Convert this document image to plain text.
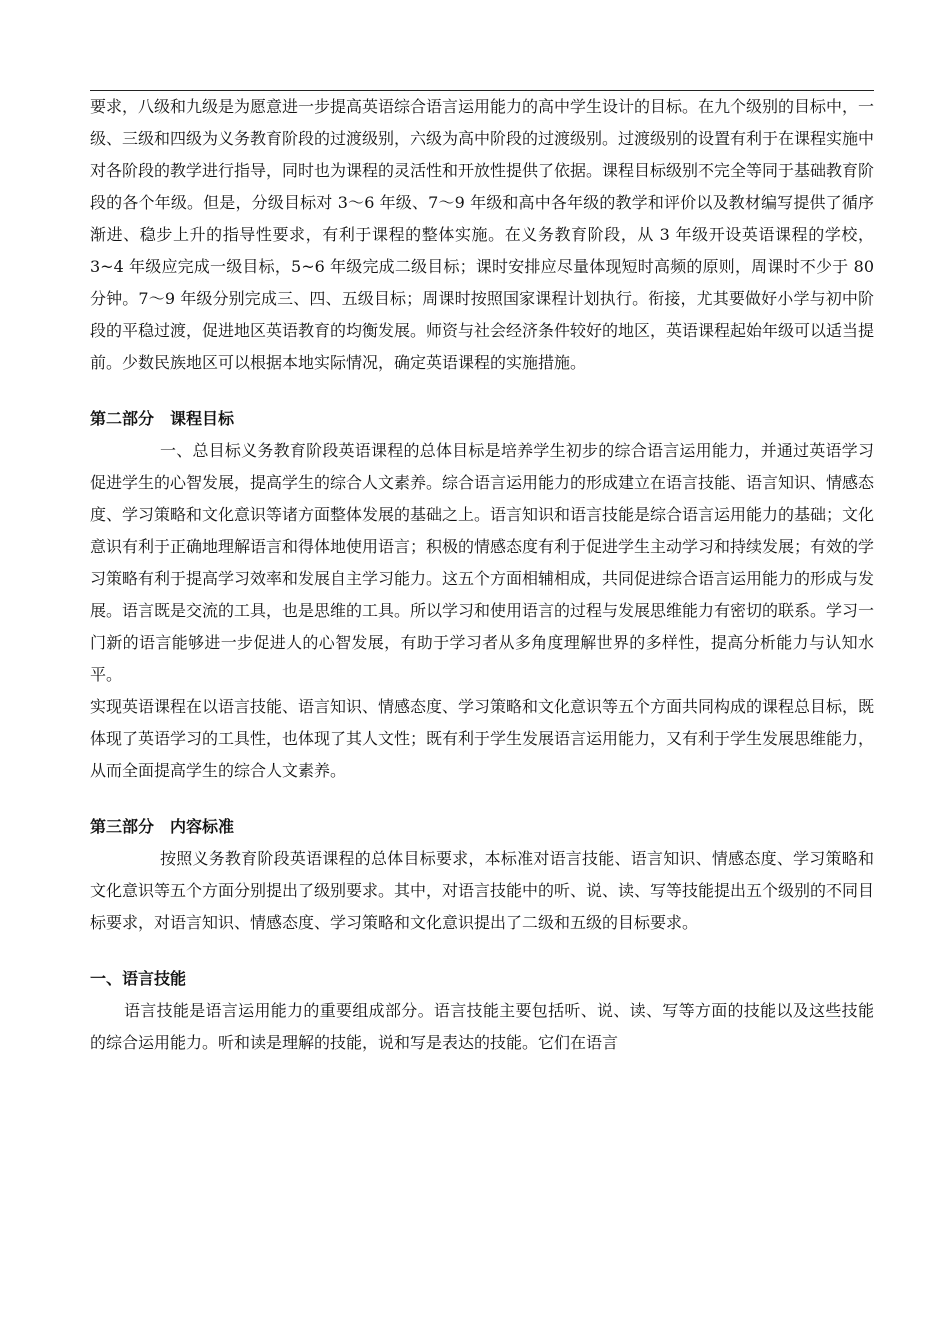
要求，八级和九级是为愿意进一步提高英语综合语言运用能力的高中学生设计的目标。在九个级别的目标中，一级、三级和四级为义务教育阶段的过渡级别，六级为高中阶段的过渡级别。过渡级别的设置有利于在课程实施中对各阶段的教学进行指导，同时也为课程的灵活性和开放性提供了依据。课程目标级别不完全等同于基础教育阶段的各个年级。但是，分级目标对 3～6 年级、7～9 年级和高中各年级的教学和评价以及教材编写提供了循序渐进、稳步上升的指导性要求，有利于课程的整体实施。在义务教育阶段，从 3 年级开设英语课程的学校，3~4 年级应完成一级目标，5~6 年级完成二级目标；课时安排应尽量体现短时高频的原则，周课时不少于 80 分钟。7～9 年级分别完成三、四、五级目标；周课时按照国家课程计划执行。衔接，尤其要做好小学与初中阶段的平稳过渡，促进地区英语教育的均衡发展。师资与社会经济条件较好的地区，英语课程起始年级可以适当提前。少数民族地区可以根据本地实际情况，确定英语课程的实施措施。

第二部分　课程目标

一、总目标义务教育阶段英语课程的总体目标是培养学生初步的综合语言运用能力，并通过英语学习促进学生的心智发展，提高学生的综合人文素养。综合语言运用能力的形成建立在语言技能、语言知识、情感态度、学习策略和文化意识等诸方面整体发展的基础之上。语言知识和语言技能是综合语言运用能力的基础；文化意识有利于正确地理解语言和得体地使用语言；积极的情感态度有利于促进学生主动学习和持续发展；有效的学习策略有利于提高学习效率和发展自主学习能力。这五个方面相辅相成，共同促进综合语言运用能力的形成与发展。语言既是交流的工具，也是思维的工具。所以学习和使用语言的过程与发展思维能力有密切的联系。学习一门新的语言能够进一步促进人的心智发展，有助于学习者从多角度理解世界的多样性，提高分析能力与认知水平。

实现英语课程在以语言技能、语言知识、情感态度、学习策略和文化意识等五个方面共同构成的课程总目标，既体现了英语学习的工具性，也体现了其人文性；既有利于学生发展语言运用能力，又有利于学生发展思维能力，从而全面提高学生的综合人文素养。

第三部分　内容标准

按照义务教育阶段英语课程的总体目标要求，本标准对语言技能、语言知识、情感态度、学习策略和文化意识等五个方面分别提出了级别要求。其中，对语言技能中的听、说、读、写等技能提出五个级别的不同目标要求，对语言知识、情感态度、学习策略和文化意识提出了二级和五级的目标要求。

一、语言技能

语言技能是语言运用能力的重要组成部分。语言技能主要包括听、说、读、写等方面的技能以及这些技能的综合运用能力。听和读是理解的技能，说和写是表达的技能。它们在语言
